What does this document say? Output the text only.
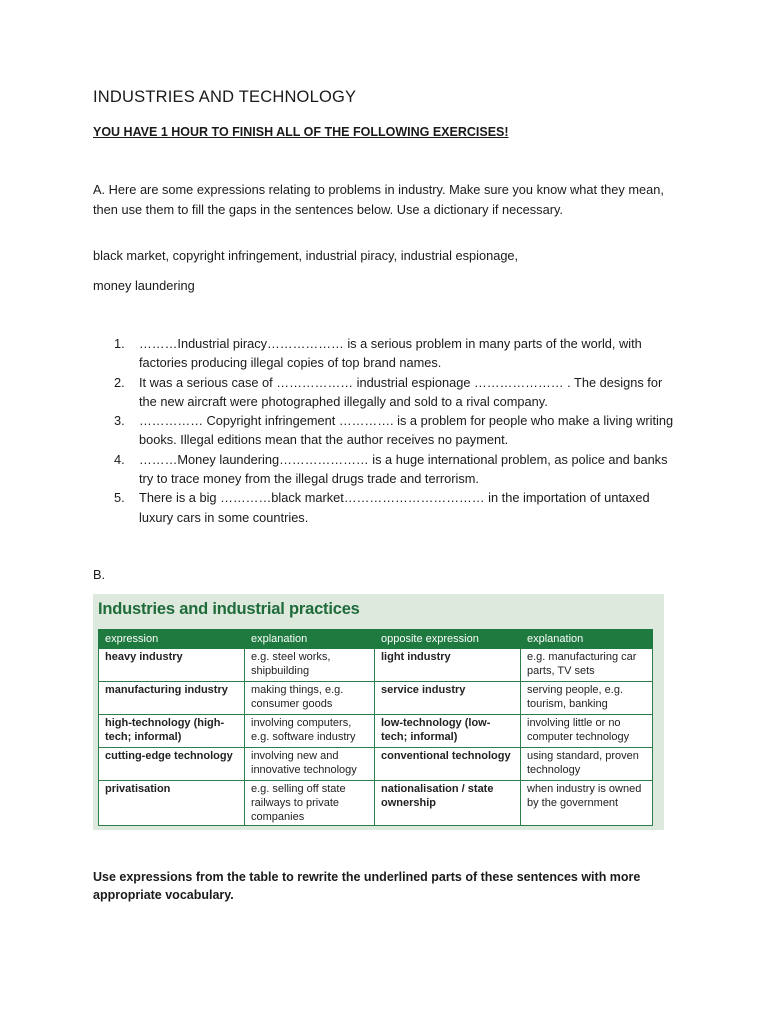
INDUSTRIES AND TECHNOLOGY
YOU HAVE 1 HOUR TO FINISH ALL OF THE FOLLOWING EXERCISES!
A. Here are some expressions relating to problems in industry. Make sure you know what they mean, then use them to fill the gaps in the sentences below. Use a dictionary if necessary.
black market, copyright infringement, industrial piracy, industrial espionage,
money laundering
1. ………Industrial piracy……………… is a serious problem in many parts of the world, with factories producing illegal copies of top brand names.
2. It was a serious case of ……………… industrial espionage ………………… . The designs for the new aircraft were photographed illegally and sold to a rival company.
3. …………… Copyright infringement …………. is a problem for people who make a living writing books. Illegal editions mean that the author receives no payment.
4. ………Money laundering………………… is a huge international problem, as police and banks try to trace money from the illegal drugs trade and terrorism.
5. There is a big …………black market…………………………… in the importation of untaxed luxury cars in some countries.
B.
Industries and industrial practices
expression	explanation	opposite expression	explanation
heavy industry	e.g. steel works, shipbuilding	light industry	e.g. manufacturing car parts, TV sets
manufacturing industry	making things, e.g. consumer goods	service industry	serving people, e.g. tourism, banking
high-technology (high-tech; informal)	involving computers, e.g. software industry	low-technology (low-tech; informal)	involving little or no computer technology
cutting-edge technology	involving new and innovative technology	conventional technology	using standard, proven technology
privatisation	e.g. selling off state railways to private companies	nationalisation / state ownership	when industry is owned by the government
Use expressions from the table to rewrite the underlined parts of these sentences with more appropriate vocabulary.
